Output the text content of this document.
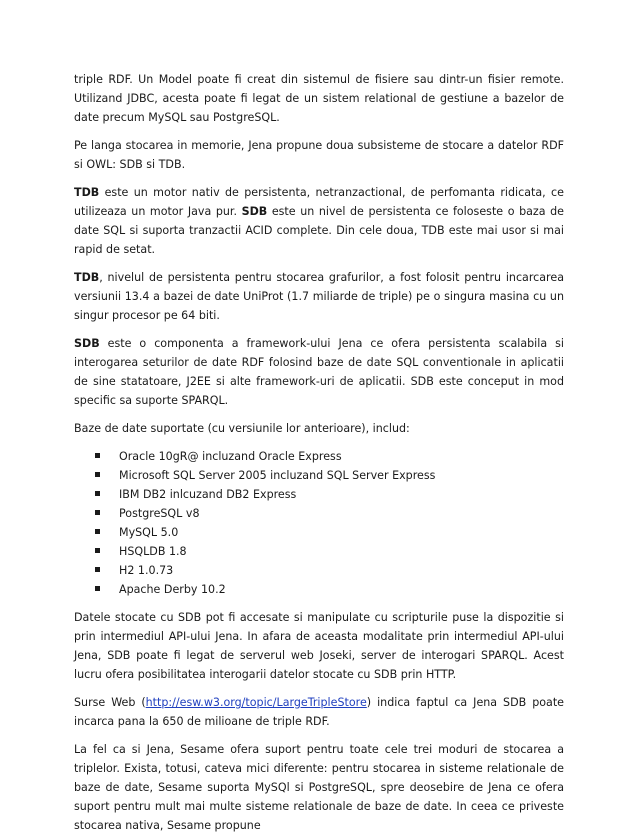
triple RDF. Un Model poate fi creat din sistemul de fisiere sau dintr-un fisier remote. Utilizand JDBC, acesta poate fi legat de un sistem relational de gestiune a bazelor de date precum MySQL sau PostgreSQL.

Pe langa stocarea in memorie, Jena propune doua subsisteme de stocare a datelor RDF si OWL: SDB si TDB.

TDB este un motor nativ de persistenta, netranzactional, de perfomanta ridicata, ce utilizeaza un motor Java pur. SDB este un nivel de persistenta ce foloseste o baza de date SQL si suporta tranzactii ACID complete. Din cele doua, TDB este mai usor si mai rapid de setat.

TDB, nivelul de persistenta pentru stocarea grafurilor, a fost folosit pentru incarcarea versiunii 13.4 a bazei de date UniProt (1.7 miliarde de triple) pe o singura masina cu un singur procesor pe 64 biti.

SDB este o componenta a framework-ului Jena ce ofera persistenta scalabila si interogarea seturilor de date RDF folosind baze de date SQL conventionale in aplicatii de sine statatoare, J2EE si alte framework-uri de aplicatii. SDB este conceput in mod specific sa suporte SPARQL.

Baze de date suportate (cu versiunile lor anterioare), includ:

Oracle 10gR@ incluzand Oracle Express
Microsoft SQL Server 2005 incluzand SQL Server Express
IBM DB2 inlcuzand DB2 Express
PostgreSQL v8
MySQL 5.0
HSQLDB 1.8
H2 1.0.73
Apache Derby 10.2

Datele stocate cu SDB pot fi accesate si manipulate cu scripturile puse la dispozitie si prin intermediul API-ului Jena. In afara de aceasta modalitate prin intermediul API-ului Jena, SDB poate fi legat de serverul web Joseki, server de interogari SPARQL. Acest lucru ofera posibilitatea interogarii datelor stocate cu SDB prin HTTP.

Surse Web (http://esw.w3.org/topic/LargeTripleStore) indica faptul ca Jena SDB poate incarca pana la 650 de milioane de triple RDF.

La fel ca si Jena, Sesame ofera suport pentru toate cele trei moduri de stocarea a triplelor. Exista, totusi, cateva mici diferente: pentru stocarea in sisteme relationale de baze de date, Sesame suporta MySQl si PostgreSQL, spre deosebire de Jena ce ofera suport pentru mult mai multe sisteme relationale de baze de date. In ceea ce priveste stocarea nativa, Sesame propune
